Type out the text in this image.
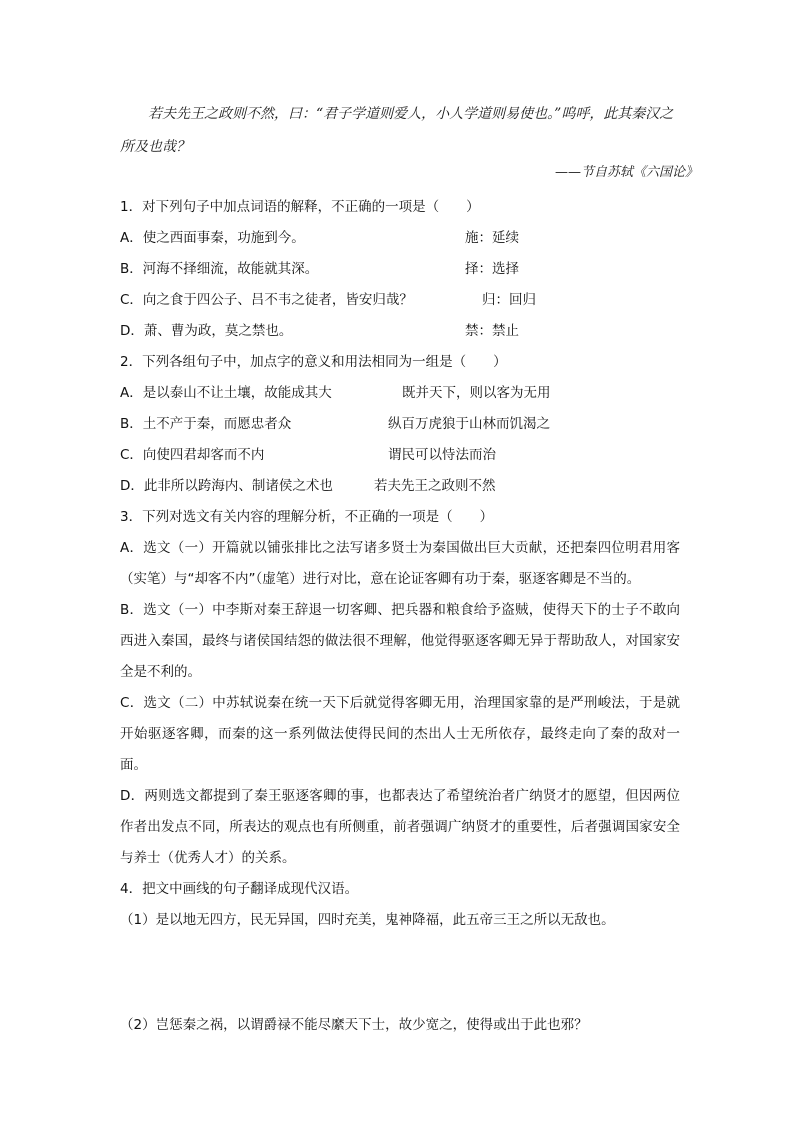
若夫先王之政则不然，曰：“君子学道则爱人，小人学道则易使也。”呜呼，此其秦汉之所及也哉？

——节自苏轼《六国论》
1．对下列句子中加点词语的解释，不正确的一项是（　　）
A．使之西面事秦，功施到今。	施：延续
B．河海不择细流，故能就其深。	择：选择
C．向之食于四公子、吕不韦之徒者，皆安归哉？	归：回归
D．萧、曹为政，莫之禁也。	禁：禁止
2．下列各组句子中，加点字的意义和用法相同为一组是（　　）
A．是以泰山不让土壤，故能成其大	既并天下，则以客为无用
B．土不产于秦，而愿忠者众	纵百万虎狼于山林而饥渴之
C．向使四君却客而不内	谓民可以恃法而治
D．此非所以跨海内、制诸侯之术也	若夫先王之政则不然
3．下列对选文有关内容的理解分析，不正确的一项是（　　）
A．选文（一）开篇就以铺张排比之法写诸多贤士为秦国做出巨大贡献，还把秦四位明君用客（实笔）与“却客不内”（虚笔）进行对比，意在论证客卿有功于秦，驱逐客卿是不当的。
B．选文（一）中李斯对秦王辞退一切客卿、把兵器和粮食给予盗贼，使得天下的士子不敢向西进入秦国，最终与诸侯国结怨的做法很不理解，他觉得驱逐客卿无异于帮助敌人，对国家安全是不利的。
C．选文（二）中苏轼说秦在统一天下后就觉得客卿无用，治理国家靠的是严刑峻法，于是就开始驱逐客卿，而秦的这一系列做法使得民间的杰出人士无所依存，最终走向了秦的敌对一面。
D．两则选文都提到了秦王驱逐客卿的事，也都表达了希望统治者广纳贤才的愿望，但因两位作者出发点不同，所表达的观点也有所侧重，前者强调广纳贤才的重要性，后者强调国家安全与养士（优秀人才）的关系。
4．把文中画线的句子翻译成现代汉语。
（1）是以地无四方，民无异国，四时充美，鬼神降福，此五帝三王之所以无敌也。
（2）岂惩秦之祸，以谓爵禄不能尽縻天下士，故少宽之，使得或出于此也邪？
